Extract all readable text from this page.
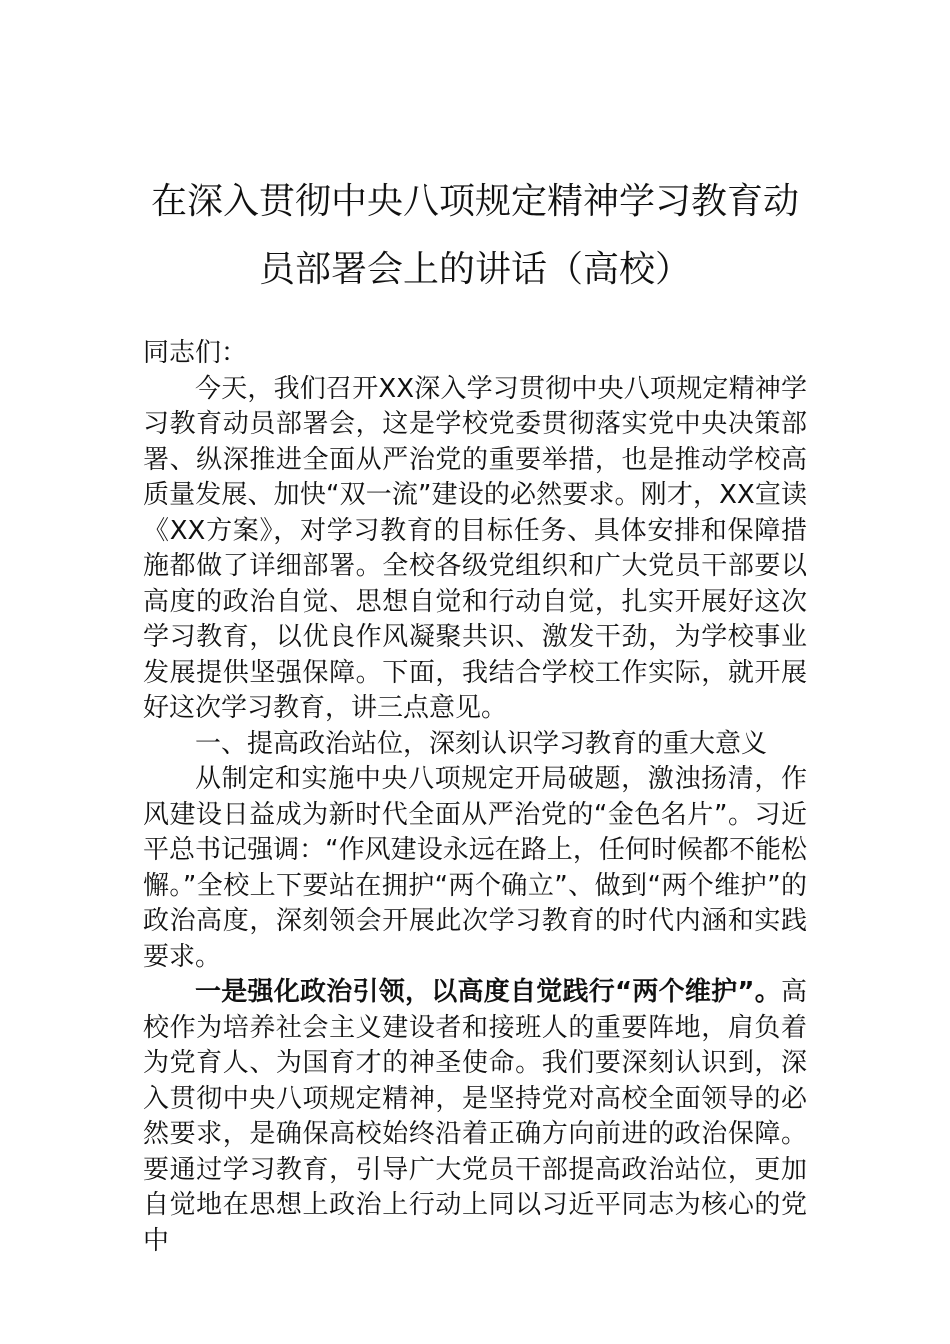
在深入贯彻中央八项规定精神学习教育动
员部署会上的讲话（高校）

同志们：

今天，我们召开XX深入学习贯彻中央八项规定精神学习教育动员部署会，这是学校党委贯彻落实党中央决策部署、纵深推进全面从严治党的重要举措，也是推动学校高质量发展、加快“双一流”建设的必然要求。刚才，XX宣读《XX方案》，对学习教育的目标任务、具体安排和保障措施都做了详细部署。全校各级党组织和广大党员干部要以高度的政治自觉、思想自觉和行动自觉，扎实开展好这次学习教育，以优良作风凝聚共识、激发干劲，为学校事业发展提供坚强保障。下面，我结合学校工作实际，就开展好这次学习教育，讲三点意见。

一、提高政治站位，深刻认识学习教育的重大意义

从制定和实施中央八项规定开局破题，激浊扬清，作风建设日益成为新时代全面从严治党的“金色名片”。习近平总书记强调：“作风建设永远在路上，任何时候都不能松懈。”全校上下要站在拥护“两个确立”、做到“两个维护”的政治高度，深刻领会开展此次学习教育的时代内涵和实践要求。

一是强化政治引领，以高度自觉践行“两个维护”。高校作为培养社会主义建设者和接班人的重要阵地，肩负着为党育人、为国育才的神圣使命。我们要深刻认识到，深入贯彻中央八项规定精神，是坚持党对高校全面领导的必然要求，是确保高校始终沿着正确方向前进的政治保障。要通过学习教育，引导广大党员干部提高政治站位，更加自觉地在思想上政治上行动上同以习近平同志为核心的党中
